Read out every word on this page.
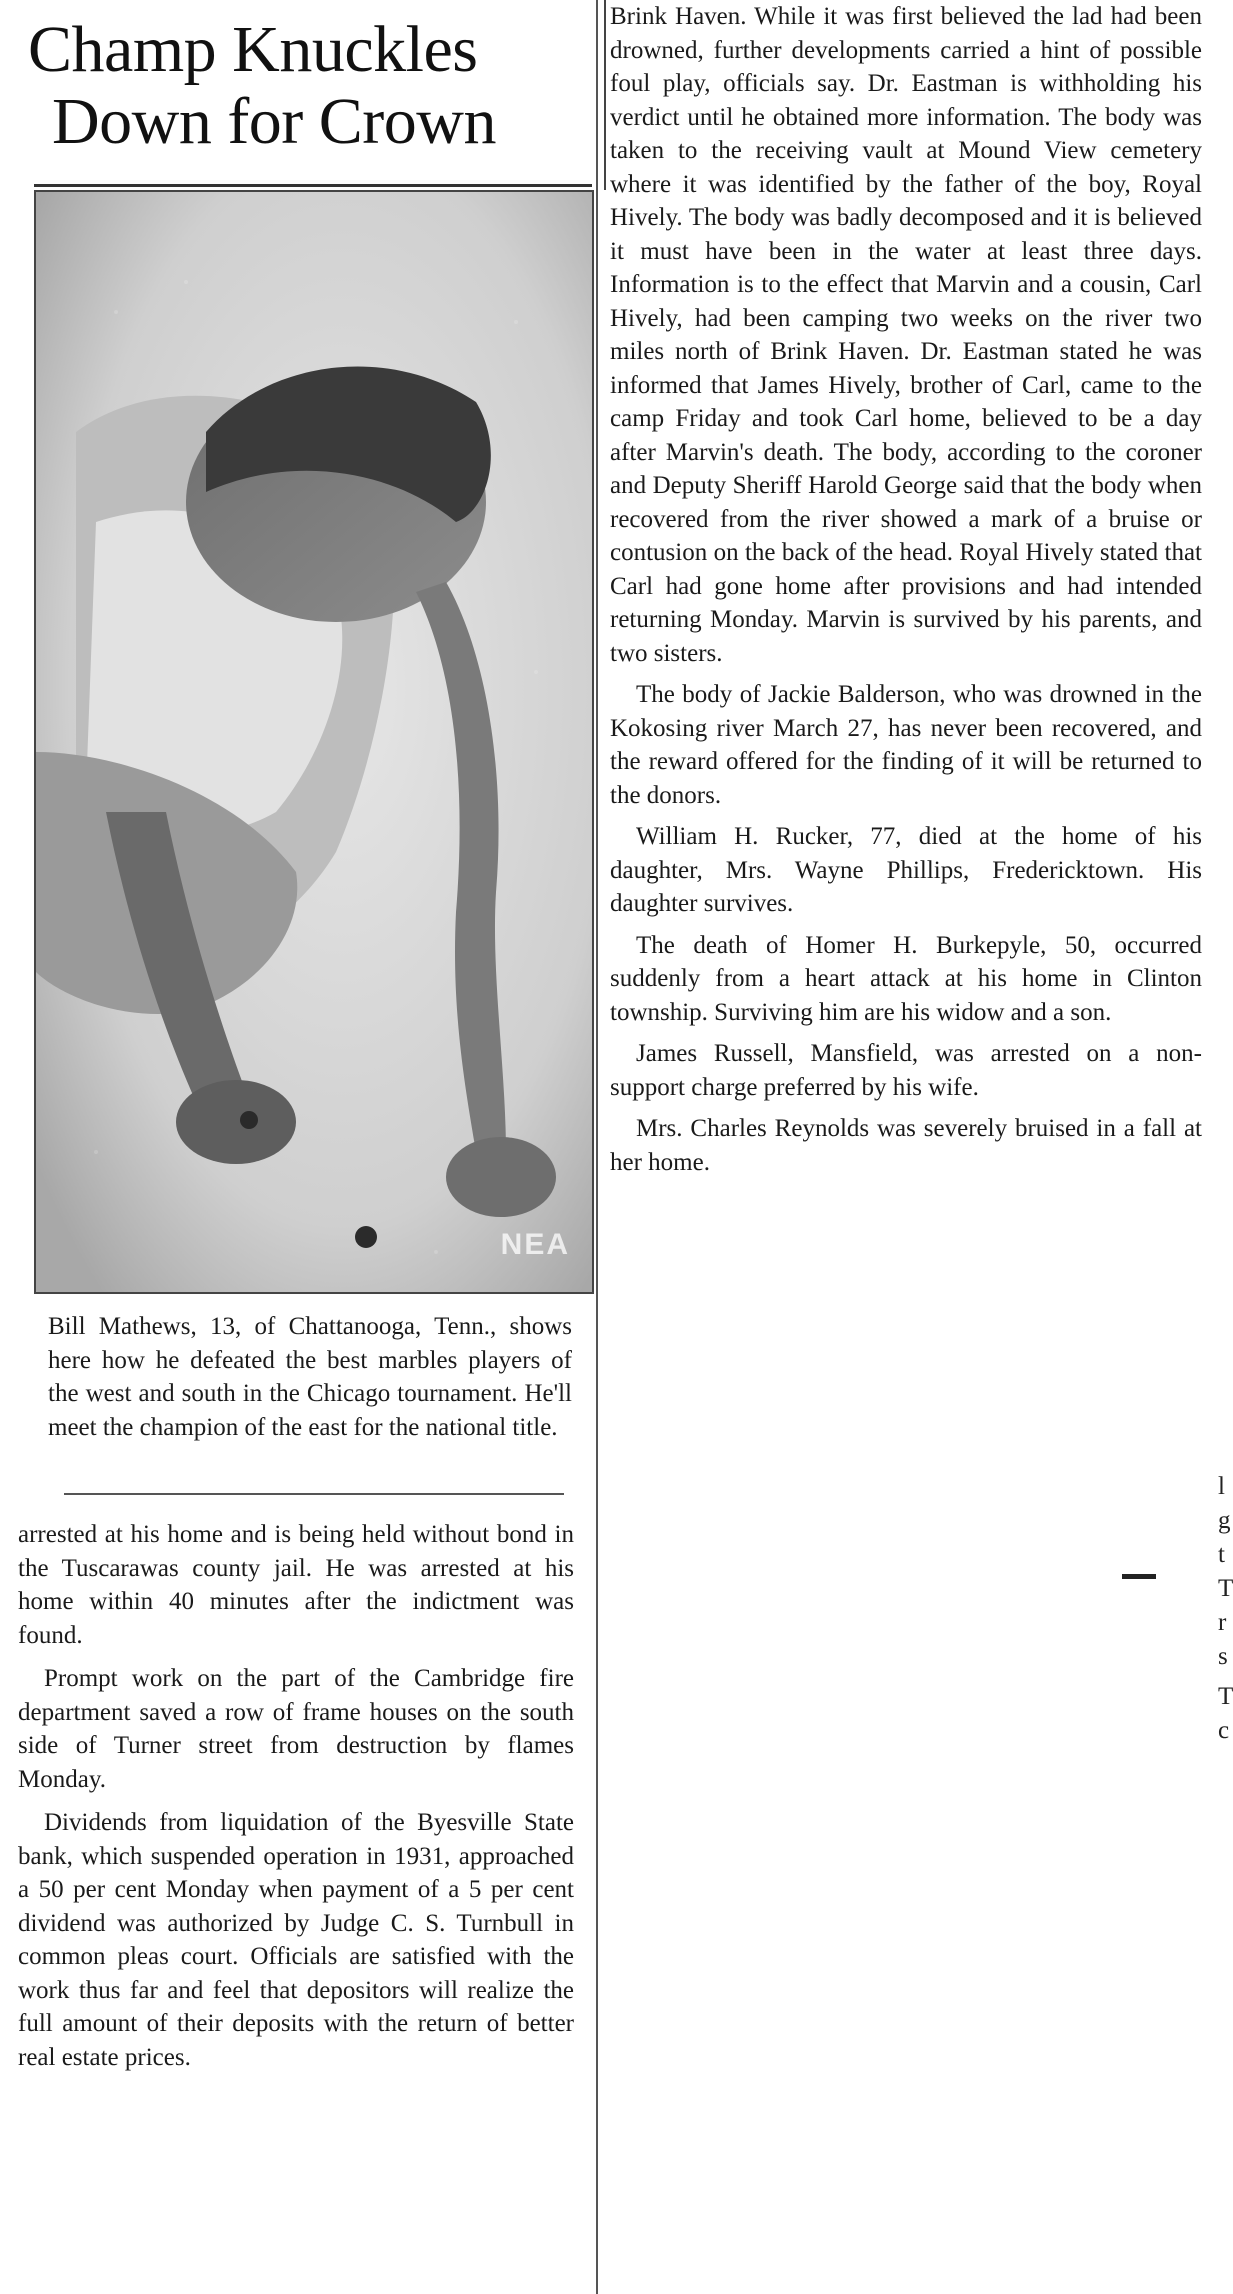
Champ Knuckles
Down for Crown
NEA

Bill Mathews, 13, of Chattanooga, Tenn., shows here how he defeated the best marbles players of the west and south in the Chicago tournament. He'll meet the champion of the east for the national title.

arrested at his home and is being held without bond in the Tuscarawas county jail. He was arrested at his home within 40 minutes after the indictment was found.

Prompt work on the part of the Cambridge fire department saved a row of frame houses on the south side of Turner street from destruction by flames Monday.

Dividends from liquidation of the Byesville State bank, which suspended operation in 1931, approached a 50 per cent Monday when payment of a 5 per cent dividend was authorized by Judge C. S. Turnbull in common pleas court. Officials are satisfied with the work thus far and feel that depositors will realize the full amount of their deposits with the return of better real estate prices.

Brink Haven. While it was first believed the lad had been drowned, further developments carried a hint of possible foul play, officials say. Dr. Eastman is withholding his verdict until he obtained more information. The body was taken to the receiving vault at Mound View cemetery where it was identified by the father of the boy, Royal Hively. The body was badly decomposed and it is believed it must have been in the water at least three days. Information is to the effect that Marvin and a cousin, Carl Hively, had been camping two weeks on the river two miles north of Brink Haven. Dr. Eastman stated he was informed that James Hively, brother of Carl, came to the camp Friday and took Carl home, believed to be a day after Marvin's death. The body, according to the coroner and Deputy Sheriff Harold George said that the body when recovered from the river showed a mark of a bruise or contusion on the back of the head. Royal Hively stated that Carl had gone home after provisions and had intended returning Monday. Marvin is survived by his parents, and two sisters.

The body of Jackie Balderson, who was drowned in the Kokosing river March 27, has never been recovered, and the reward offered for the finding of it will be returned to the donors.

William H. Rucker, 77, died at the home of his daughter, Mrs. Wayne Phillips, Fredericktown. His daughter survives.

The death of Homer H. Burkepyle, 50, occurred suddenly from a heart attack at his home in Clinton township. Surviving him are his widow and a son.

James Russell, Mansfield, was arrested on a non-support charge preferred by his wife.

Mrs. Charles Reynolds was severely bruised in a fall at her home.

l
g
t
T
r
s
T
c
